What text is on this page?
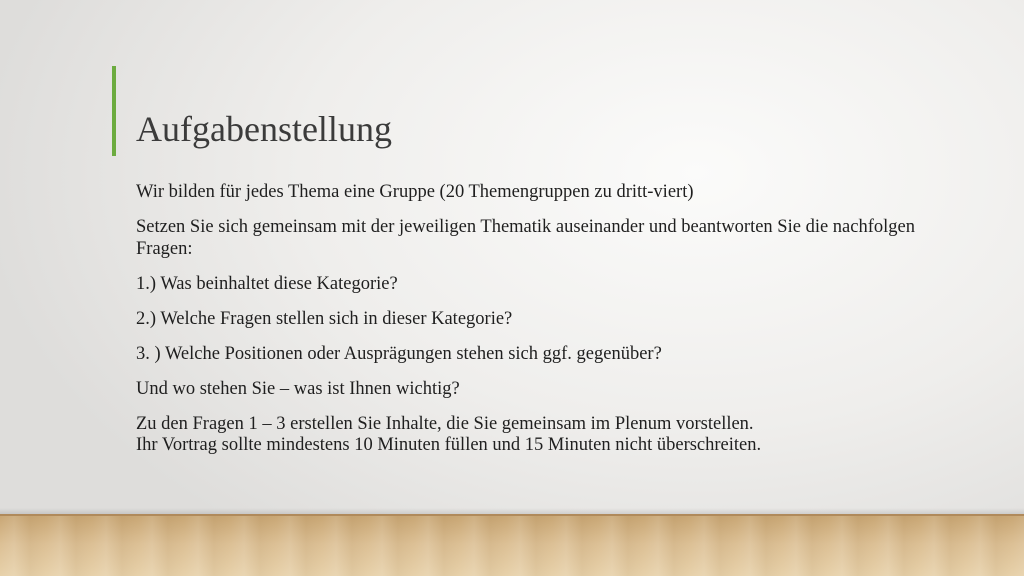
Aufgabenstellung

Wir bilden für jedes Thema eine Gruppe (20 Themengruppen zu dritt-viert)

Setzen Sie sich gemeinsam mit der jeweiligen Thematik auseinander und beantworten Sie die nachfolgen Fragen:

1.) Was beinhaltet diese Kategorie?

2.) Welche Fragen stellen sich in dieser Kategorie?

3. ) Welche Positionen oder Ausprägungen stehen sich ggf. gegenüber?

Und wo stehen Sie – was ist Ihnen wichtig?

Zu den Fragen 1 – 3 erstellen Sie Inhalte, die Sie gemeinsam im Plenum vorstellen.

Ihr Vortrag sollte mindestens 10 Minuten füllen und 15 Minuten nicht überschreiten.
